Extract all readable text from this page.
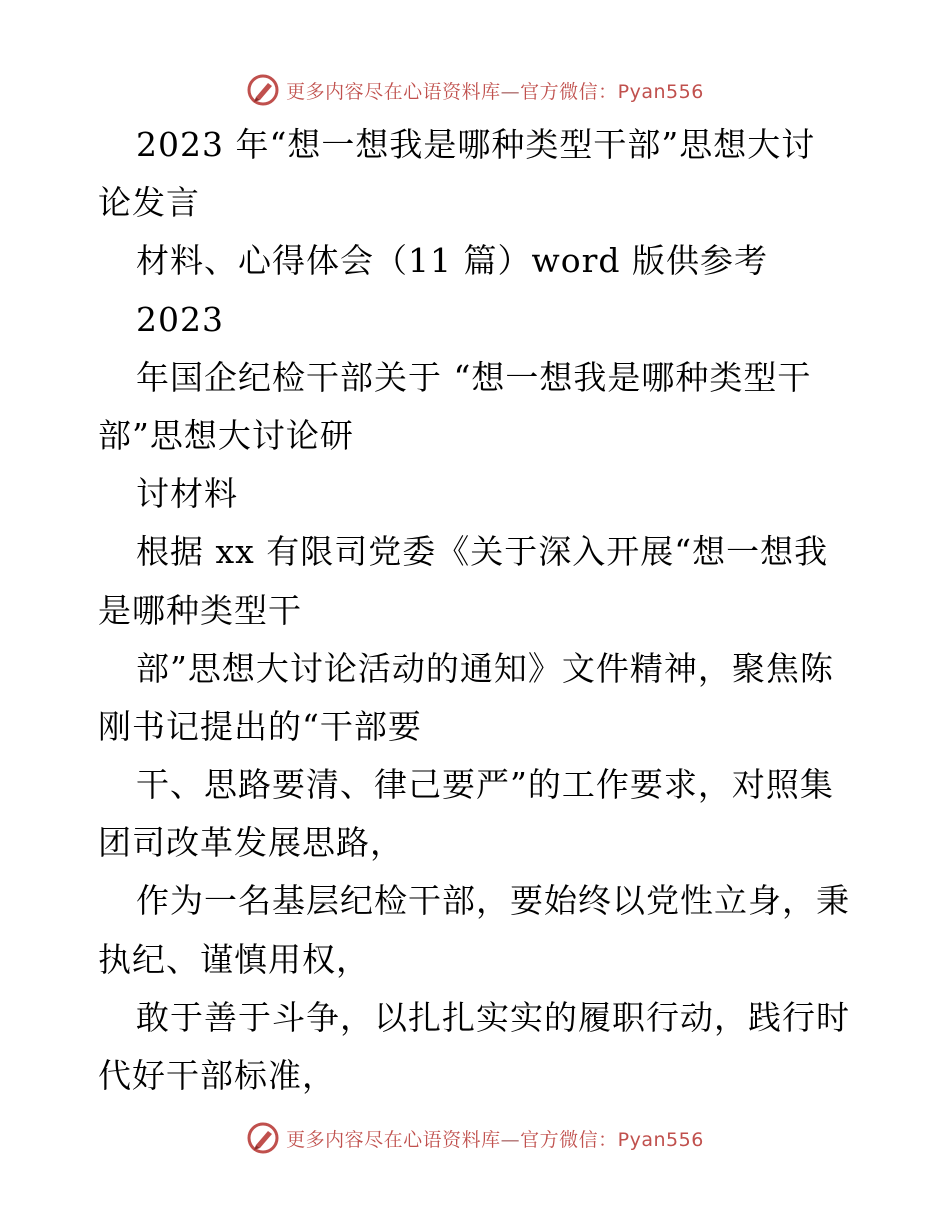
更多内容尽在心语资料库—官方微信：Pyan556
2023 年“想一想我是哪种类型干部”思想大讨
论发言
材料、心得体会（11 篇）word 版供参考
2023
年国企纪检干部关于 “想一想我是哪种类型干
部”思想大讨论研
讨材料
根据 xx 有限司党委《关于深入开展“想一想我
是哪种类型干
部”思想大讨论活动的通知》文件精神，聚焦陈
刚书记提出的“干部要
干、思路要清、律己要严”的工作要求，对照集
团司改革发展思路，
作为一名基层纪检干部，要始终以党性立身，秉
执纪、谨慎用权，
敢于善于斗争，以扎扎实实的履职行动，践行时
代好干部标准，
更多内容尽在心语资料库—官方微信：Pyan556
